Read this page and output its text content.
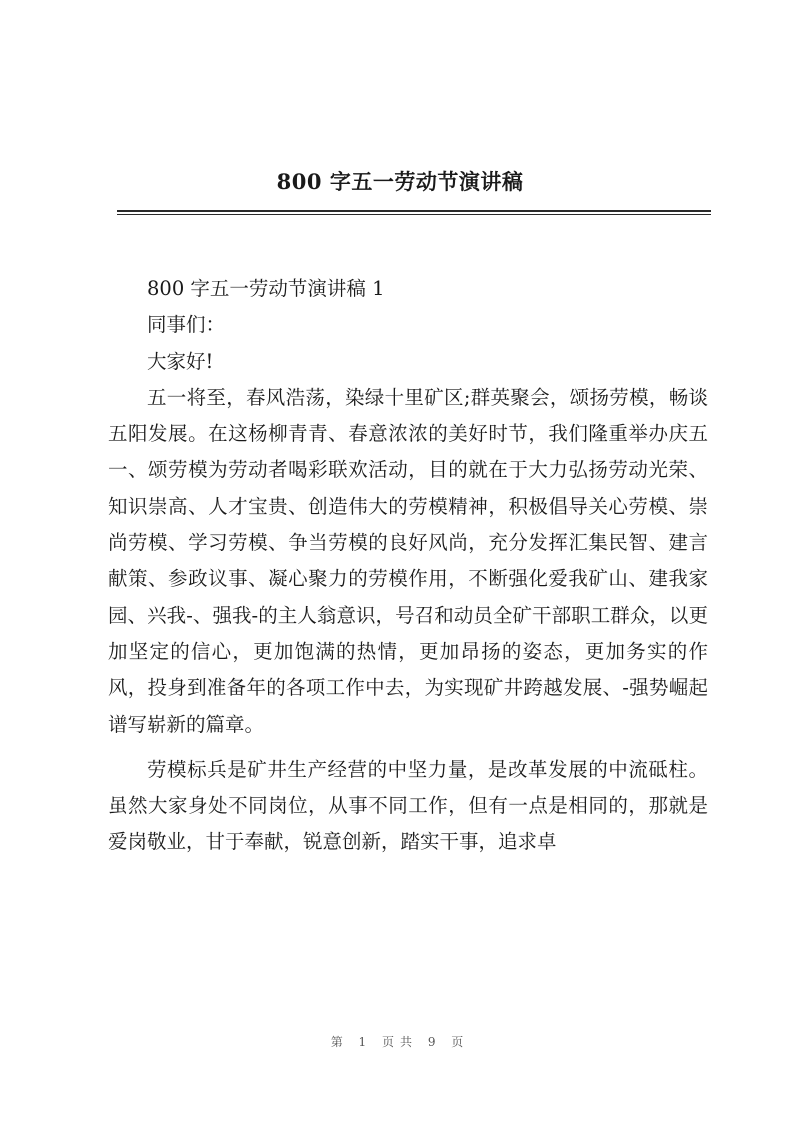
800 字五一劳动节演讲稿

800 字五一劳动节演讲稿 1

同事们：

大家好!

五一将至，春风浩荡，染绿十里矿区;群英聚会，颂扬劳模，畅谈五阳发展。在这杨柳青青、春意浓浓的美好时节，我们隆重举办庆五一、颂劳模为劳动者喝彩联欢活动，目的就在于大力弘扬劳动光荣、知识崇高、人才宝贵、创造伟大的劳模精神，积极倡导关心劳模、崇尚劳模、学习劳模、争当劳模的良好风尚，充分发挥汇集民智、建言献策、参政议事、凝心聚力的劳模作用，不断强化爱我矿山、建我家园、兴我-、强我-的主人翁意识，号召和动员全矿干部职工群众，以更加坚定的信心，更加饱满的热情，更加昂扬的姿态，更加务实的作风，投身到准备年的各项工作中去，为实现矿井跨越发展、-强势崛起谱写崭新的篇章。

劳模标兵是矿井生产经营的中坚力量，是改革发展的中流砥柱。虽然大家身处不同岗位，从事不同工作，但有一点是相同的，那就是爱岗敬业，甘于奉献，锐意创新，踏实干事，追求卓

第 1 页共 9 页
